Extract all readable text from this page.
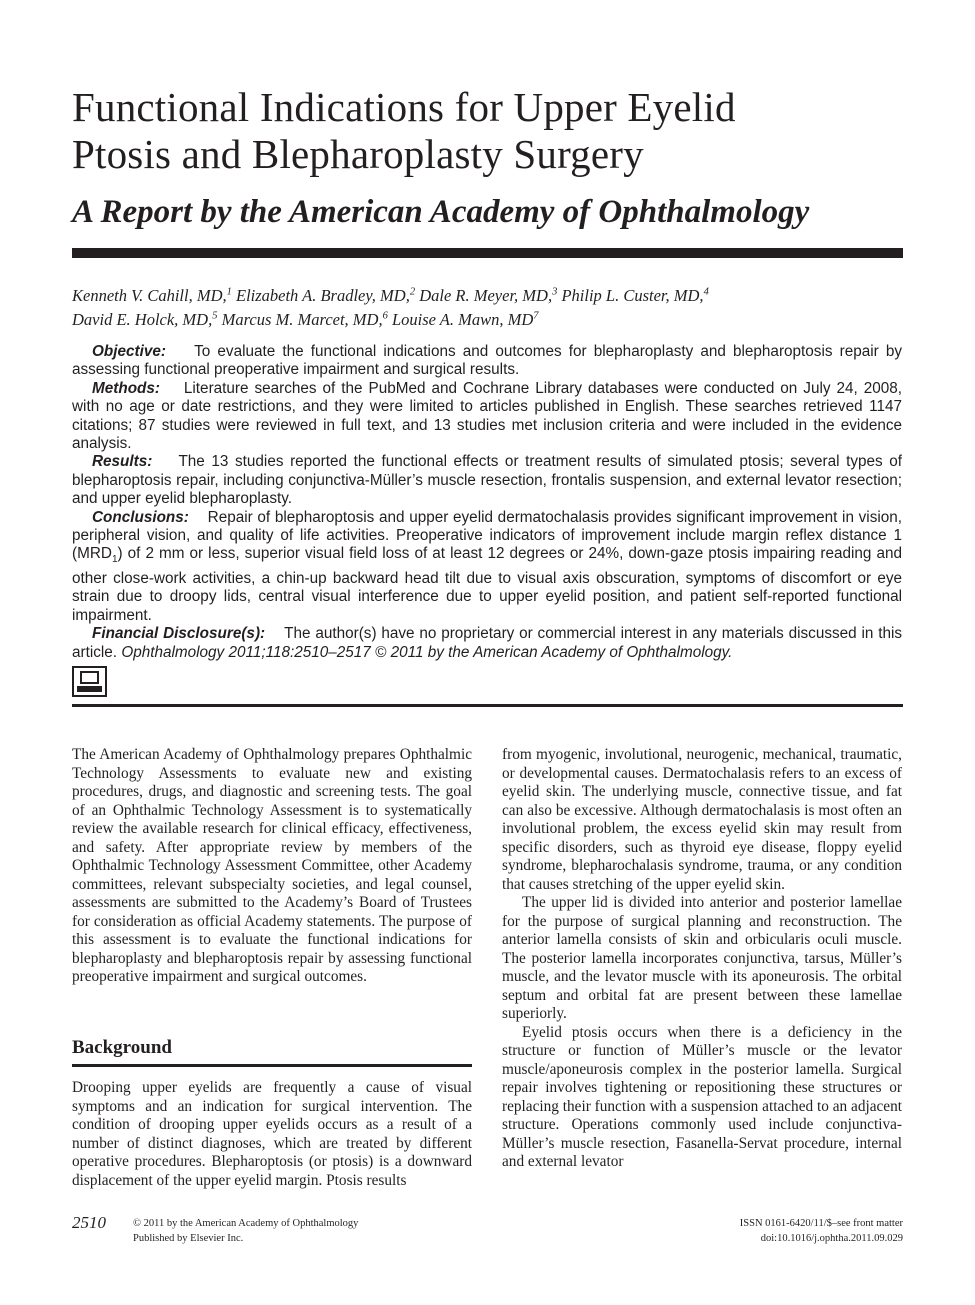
Functional Indications for Upper Eyelid
Ptosis and Blepharoplasty Surgery
A Report by the American Academy of Ophthalmology
Kenneth V. Cahill, MD,$^1$ Elizabeth A. Bradley, MD,$^2$ Dale R. Meyer, MD,$^3$ Philip L. Custer, MD,$^4$
David E. Holck, MD,$^5$ Marcus M. Marcet, MD,$^6$ Louise A. Mawn, $MD^7$

Objective: To evaluate the functional indications and outcomes for blepharoplasty and blepharoptosis repair by assessing functional preoperative impairment and surgical results.

Methods: Literature searches of the PubMed and Cochrane Library databases were conducted on July 24, 2008, with no age or date restrictions, and they were limited to articles published in English. These searches retrieved 1147 citations; 87 studies were reviewed in full text, and 13 studies met inclusion criteria and were included in the evidence analysis.

Results: The 13 studies reported the functional effects or treatment results of simulated ptosis; several types of blepharoptosis repair, including conjunctiva-Müller’s muscle resection, frontalis suspension, and external levator resection; and upper eyelid blepharoplasty.

Conclusions: Repair of blepharoptosis and upper eyelid dermatochalasis provides significant improvement in vision, peripheral vision, and quality of life activities. Preoperative indicators of improvement include margin reflex distance 1 $(MRD_1)$ of 2 mm or less, superior visual field loss of at least 12 degrees or 24%, down-gaze ptosis impairing reading and other close-work activities, a chin-up backward head tilt due to visual axis obscuration, symptoms of discomfort or eye strain due to droopy lids, central visual interference due to upper eyelid position, and patient self-reported functional impairment.

Financial Disclosure(s): The author(s) have no proprietary or commercial interest in any materials discussed in this article. Ophthalmology 2011;118:2510–2517 © 2011 by the American Academy of Ophthalmology.

The American Academy of Ophthalmology prepares Ophthalmic Technology Assessments to evaluate new and existing procedures, drugs, and diagnostic and screening tests. The goal of an Ophthalmic Technology Assessment is to systematically review the available research for clinical efficacy, effectiveness, and safety. After appropriate review by members of the Ophthalmic Technology Assessment Committee, other Academy committees, relevant subspecialty societies, and legal counsel, assessments are submitted to the Academy’s Board of Trustees for consideration as official Academy statements. The purpose of this assessment is to evaluate the functional indications for blepharoplasty and blepharoptosis repair by assessing functional preoperative impairment and surgical outcomes.

Background

Drooping upper eyelids are frequently a cause of visual symptoms and an indication for surgical intervention. The condition of drooping upper eyelids occurs as a result of a number of distinct diagnoses, which are treated by different operative procedures. Blepharoptosis (or ptosis) is a downward displacement of the upper eyelid margin. Ptosis results

from myogenic, involutional, neurogenic, mechanical, traumatic, or developmental causes. Dermatochalasis refers to an excess of eyelid skin. The underlying muscle, connective tissue, and fat can also be excessive. Although dermatochalasis is most often an involutional problem, the excess eyelid skin may result from specific disorders, such as thyroid eye disease, floppy eyelid syndrome, blepharochalasis syndrome, trauma, or any condition that causes stretching of the upper eyelid skin.

The upper lid is divided into anterior and posterior lamellae for the purpose of surgical planning and reconstruction. The anterior lamella consists of skin and orbicularis oculi muscle. The posterior lamella incorporates conjunctiva, tarsus, Müller’s muscle, and the levator muscle with its aponeurosis. The orbital septum and orbital fat are present between these lamellae superiorly.

Eyelid ptosis occurs when there is a deficiency in the structure or function of Müller’s muscle or the levator muscle/aponeurosis complex in the posterior lamella. Surgical repair involves tightening or repositioning these structures or replacing their function with a suspension attached to an adjacent structure. Operations commonly used include conjunctiva-Müller’s muscle resection, Fasanella-Servat procedure, internal and external levator

2510	© 2011 by the American Academy of Ophthalmology
Published by Elsevier Inc.
ISSN 0161-6420/11/$–see front matter
doi:10.1016/j.ophtha.2011.09.029
